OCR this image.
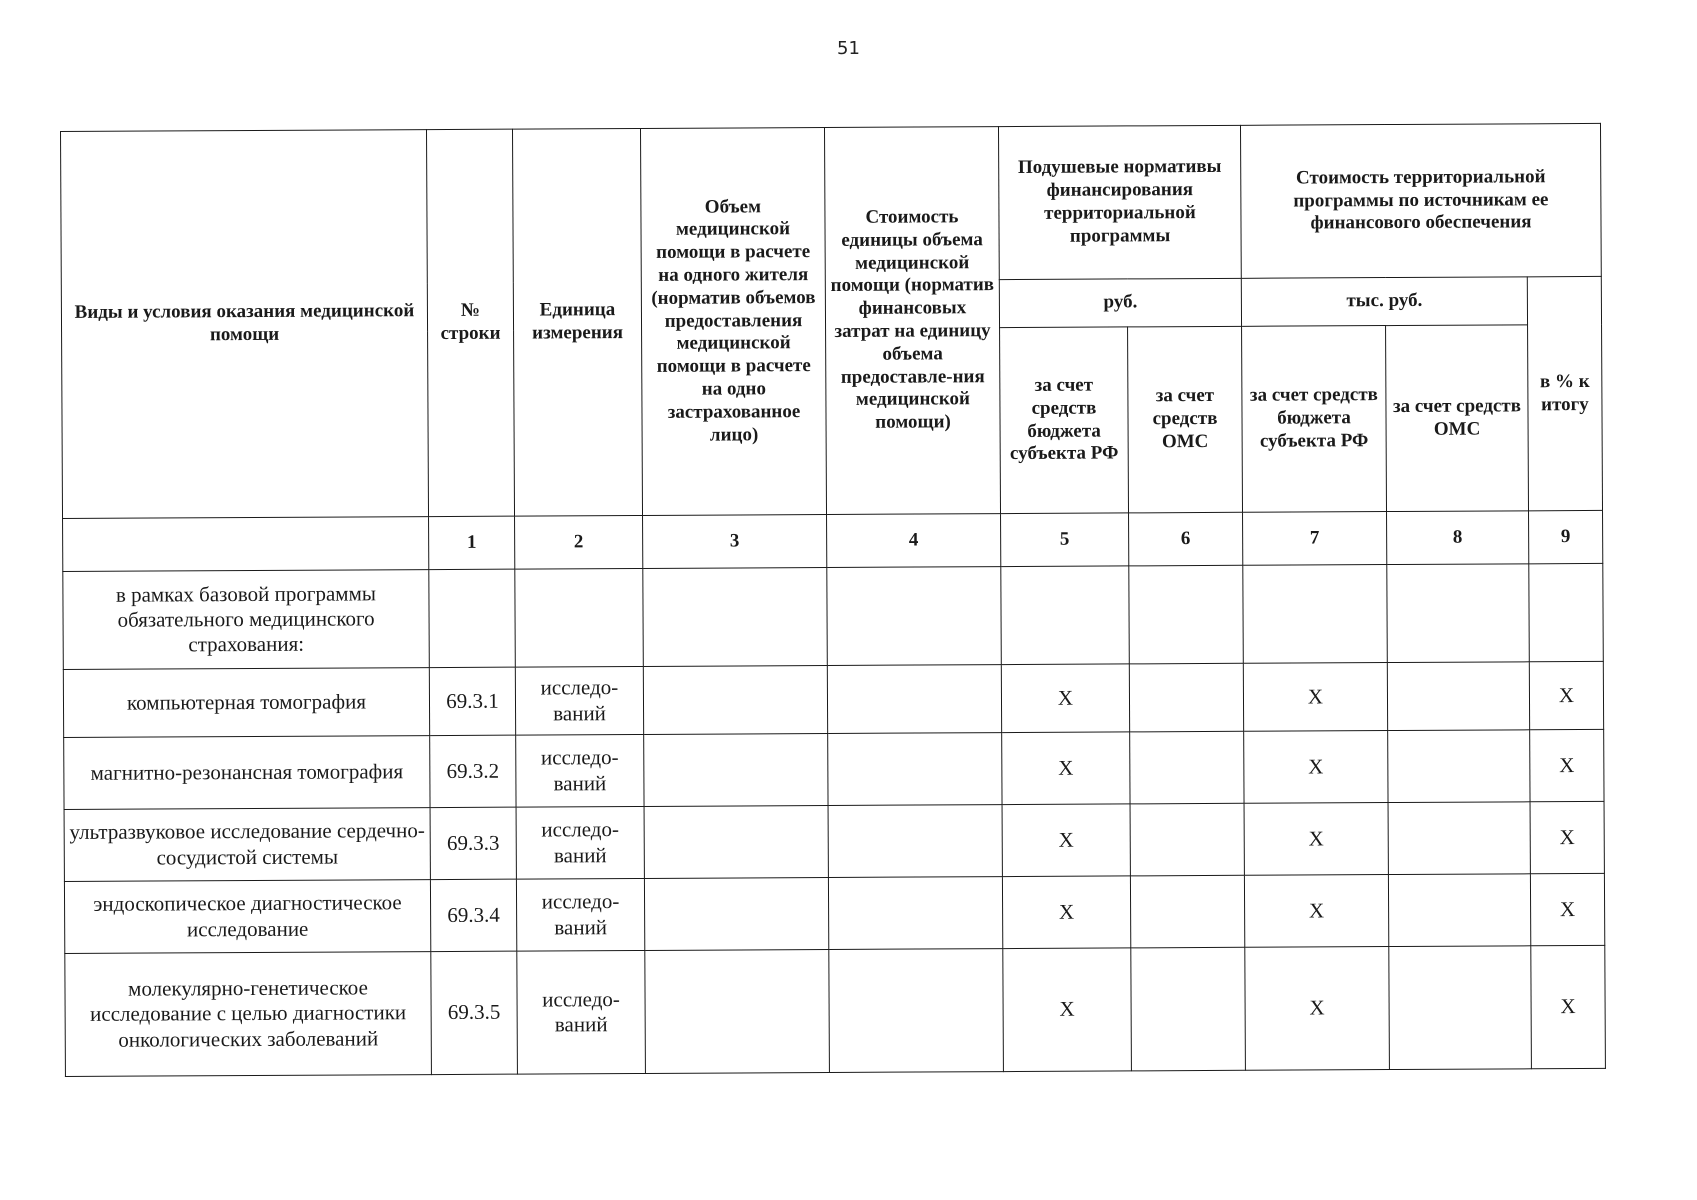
51
Виды и условия оказания медицинской помощи	№ строки	Единица измерения	Объем медицинской помощи в расчете на одного жителя (норматив объемов предоставления медицинской помощи в расчете на одно застрахованное лицо)	Стоимость единицы объема медицинской помощи (норматив финансовых затрат на единицу объема предоставле-ния медицинской помощи)	Подушевые нормативы финансирования территориальной программы		Стоимость территориальной программы по источникам ее финансового обеспечения		
					руб.		тыс. руб.		в % к итогу
					за счет средств бюджета субъекта РФ	за счет средств ОМС	за счет средств бюджета субъекта РФ	за счет средств ОМС	
	1	2	3	4	5	6	7	8	9
в рамках базовой программы обязательного медицинского страхования:									
компьютерная томография	69.3.1	исследо-ваний			X		X		X
магнитно-резонансная томография	69.3.2	исследо-ваний			X		X		X
ультразвуковое исследование сердечно-сосудистой системы	69.3.3	исследо-ваний			X		X		X
эндоскопическое диагностическое исследование	69.3.4	исследо-ваний			X		X		X
молекулярно-генетическое исследование с целью диагностики онкологических заболеваний	69.3.5	исследо-ваний			X		X		X
